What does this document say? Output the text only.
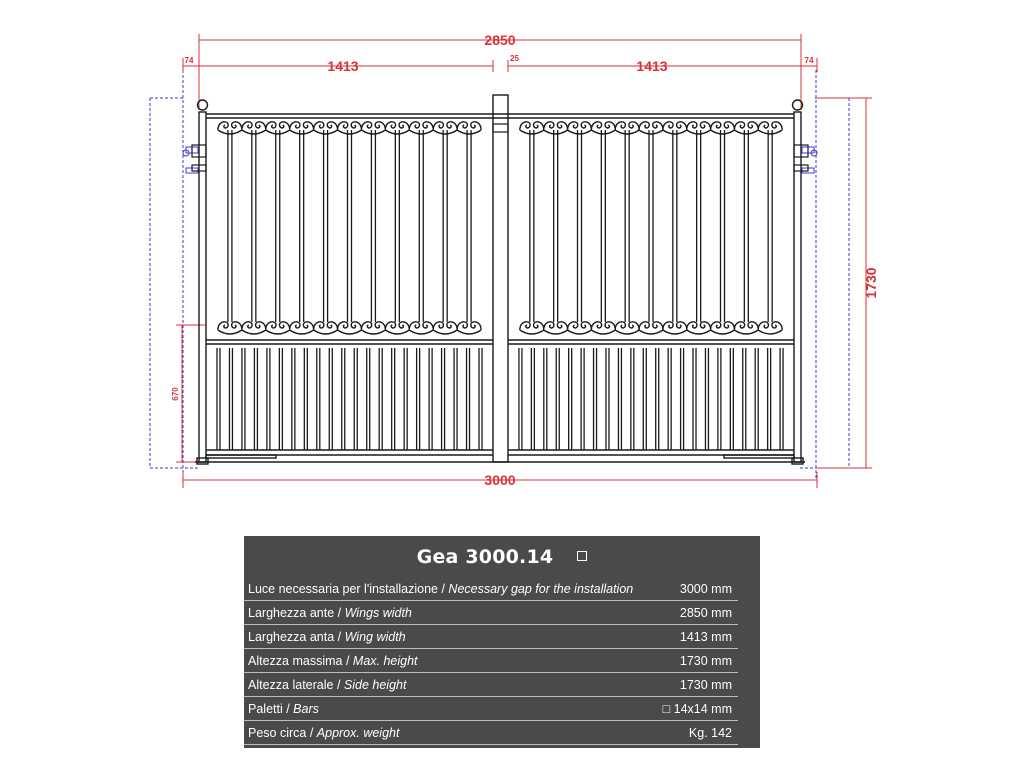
2850
1413	1413
74	74
25
3000
1730
670
Gea 3000.14
Luce necessaria per l'installazione / Necessary gap for the installation	3000 mm
Larghezza ante / Wings width	2850 mm
Larghezza anta / Wing width	1413 mm
Altezza massima / Max. height	1730 mm
Altezza laterale / Side height	1730 mm
Paletti / Bars	□ 14x14 mm
Peso circa / Approx. weight	Kg. 142
